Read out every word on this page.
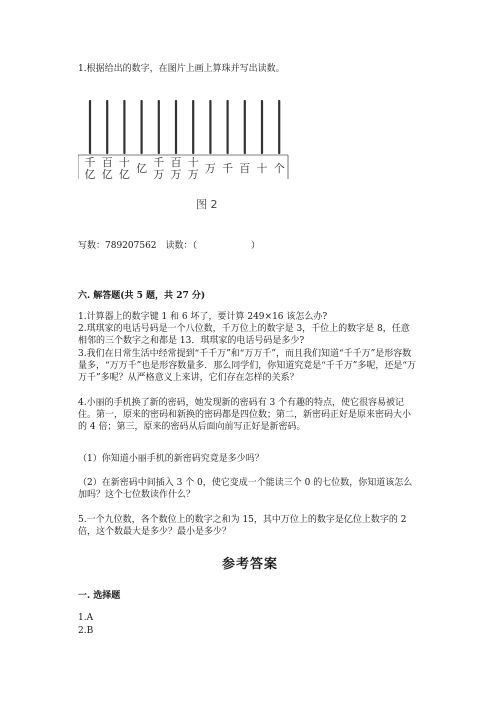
1.根据给出的数字，在图片上画上算珠并写出读数。
千
亿
百
亿
十
亿 亿 千
万
百
万
十
万 万 千 百 十 个
图 2
写数：789207562　读数：（　　　　　　）
六. 解答题(共 5 题，共 27 分)
1.计算器上的数字键 1 和 6 坏了，要计算 249×16 该怎么办?
2.琪琪家的电话号码是一个八位数，千万位上的数字是 3，千位上的数字是 8，任意相邻的三个数字之和都是 13．琪琪家的电话号码是多少?
3.我们在日常生活中经常提到“千千万”和“万万千”，而且我们知道“千千万”是形容数量多，“万万千”也是形容数量多．那么同学们，你知道究竟是“千千万”多呢，还是“万万千”多呢？从严格意义上来讲，它们存在怎样的关系？
4.小丽的手机换了新的密码，她发现新的密码有 3 个有趣的特点，使它很容易被记住。第一，原来的密码和新换的密码都是四位数；第二，新密码正好是原来密码大小的 4 倍；第三，原来的密码从后面向前写正好是新密码。
（1）你知道小丽手机的新密码究竟是多少吗？
（2）在新密码中间插入 3 个 0，使它变成一个能读三个 0 的七位数，你知道该怎么加吗？这个七位数读作什么？
5.一个九位数，各个数位上的数字之和为 15，其中万位上的数字是亿位上数字的 2 倍，这个数最大是多少？最小是多少？
参考答案
一. 选择题
1.A
2.B
